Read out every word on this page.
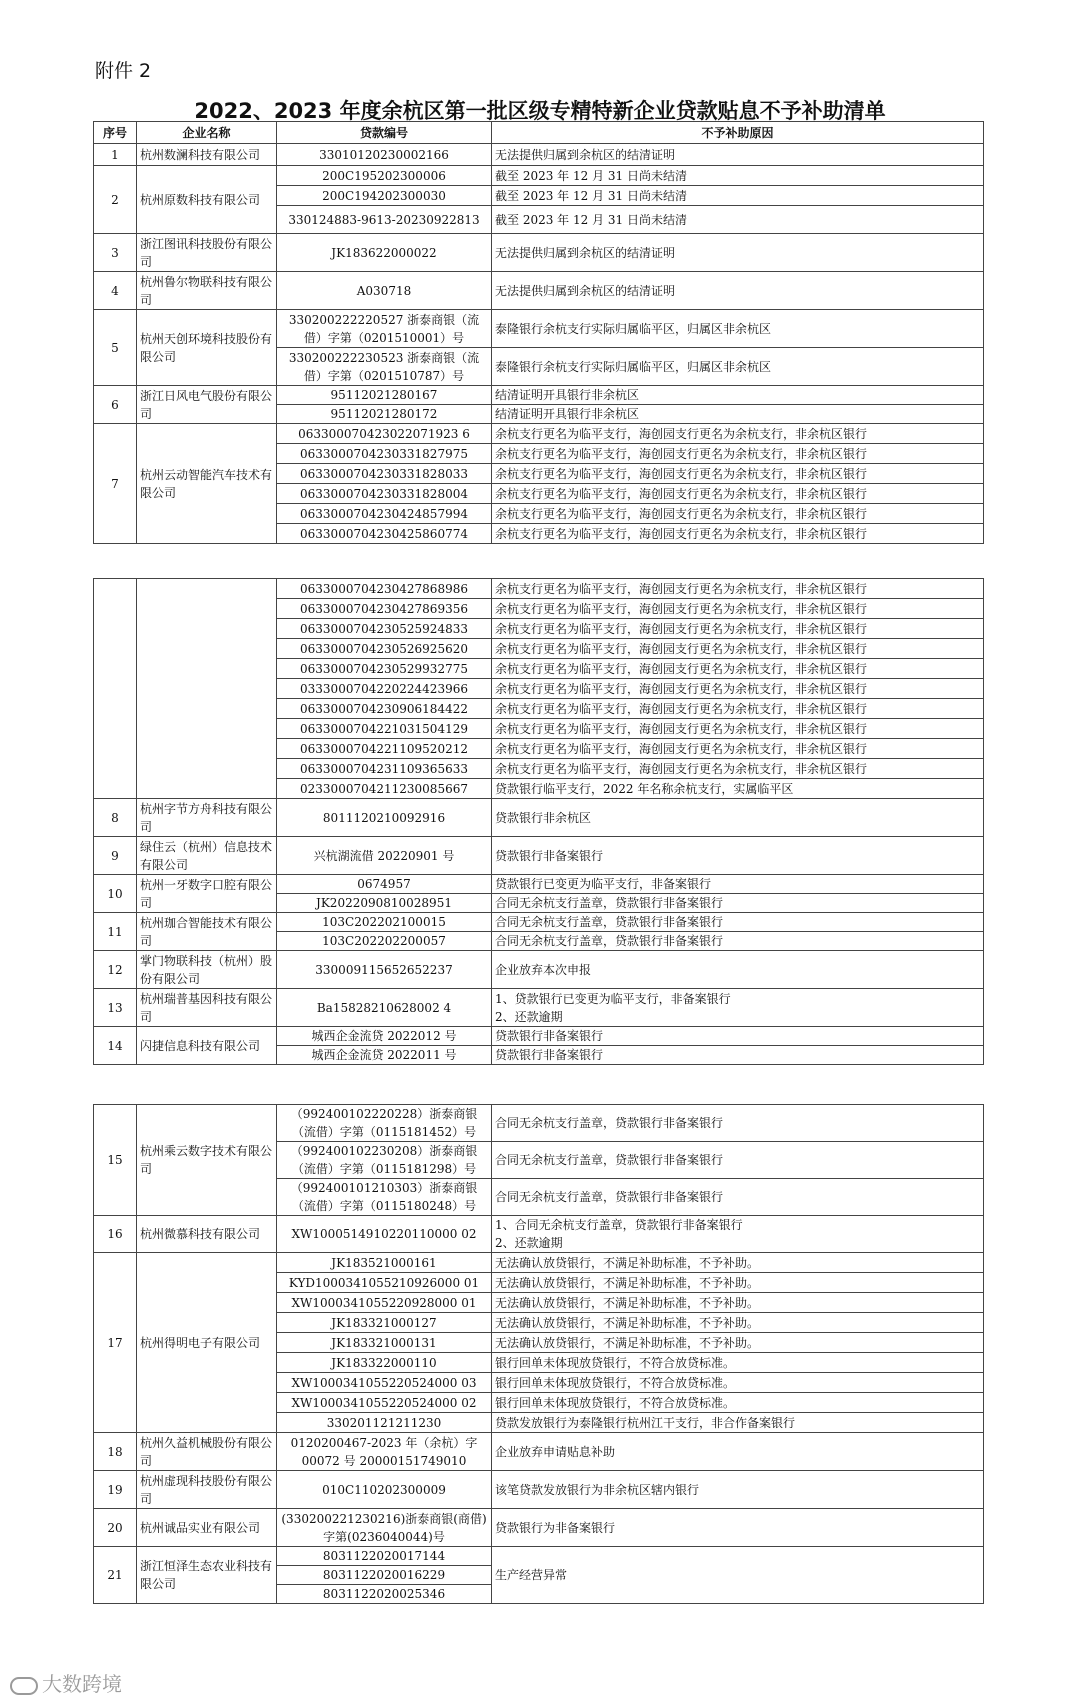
附件 2
2022、2023 年度余杭区第一批区级专精特新企业贷款贴息不予补助清单
序号	企业名称	贷款编号	不予补助原因
1	杭州数澜科技有限公司	330101202300021​66	无法提供归属到余杭区的结清证明
2	杭州原数科技有限公司	200C195202300006	截至 2023 年 12 月 31 日尚未结清
		200C194202300030	截至 2023 年 12 月 31 日尚未结清
		330124883-9613-20230922813	截至 2023 年 12 月 31 日尚未结清
3	浙江图讯科技股份有限公司	JK183622000022	无法提供归属到余杭区的结清证明
4	杭州鲁尔物联科技有限公司	A030718	无法提供归属到余杭区的结清证明
5	杭州天创环境科技股份有限公司	330200222220527 浙泰商银（流借）字第（0201510001）号	泰隆银行余杭支行实际归属临平区，归属区非余杭区
		330200222230523 浙泰商银（流借）字第（0201510787）号	泰隆银行余杭支行实际归属临平区，归属区非余杭区
6	浙江日风电气股份有限公司	95112021280167	结清证明开具银行非余杭区
		95112021280172	结清证明开具银行非余杭区
7	杭州云动智能汽车技术有限公司	063300070423022071923 6	余杭支行更名为临平支行，海创园支行更名为余杭支行，非余杭区银行
		0633000704230331827975	余杭支行更名为临平支行，海创园支行更名为余杭支行，非余杭区银行
		0633000704230331828033	余杭支行更名为临平支行，海创园支行更名为余杭支行，非余杭区银行
		0633000704230331828004	余杭支行更名为临平支行，海创园支行更名为余杭支行，非余杭区银行
		0633000704230424857994	余杭支行更名为临平支行，海创园支行更名为余杭支行，非余杭区银行
		0633000704230425860774	余杭支行更名为临平支行，海创园支行更名为余杭支行，非余杭区银行
		0633000704230427868986	余杭支行更名为临平支行，海创园支行更名为余杭支行，非余杭区银行
		0633000704230427869356	余杭支行更名为临平支行，海创园支行更名为余杭支行，非余杭区银行
		0633000704230525924833	余杭支行更名为临平支行，海创园支行更名为余杭支行，非余杭区银行
		0633000704230526925620	余杭支行更名为临平支行，海创园支行更名为余杭支行，非余杭区银行
		0633000704230529932775	余杭支行更名为临平支行，海创园支行更名为余杭支行，非余杭区银行
		0333000704220224423966	余杭支行更名为临平支行，海创园支行更名为余杭支行，非余杭区银行
		0633000704230906184422	余杭支行更名为临平支行，海创园支行更名为余杭支行，非余杭区银行
		0633000704221031504129	余杭支行更名为临平支行，海创园支行更名为余杭支行，非余杭区银行
		0633000704221109520212	余杭支行更名为临平支行，海创园支行更名为余杭支行，非余杭区银行
		0633000704231109365633	余杭支行更名为临平支行，海创园支行更名为余杭支行，非余杭区银行
		0233000704211230085667	贷款银行临平支行，2022 年名称余杭支行，实属临平区
8	杭州字节方舟科技有限公司	8011120210092916	贷款银行非余杭区
9	绿住云（杭州）信息技术有限公司	兴杭湖流借 20220901 号	贷款银行非备案银行
10	杭州一牙数字口腔有限公司	0674957	贷款银行已变更为临平支行，非备案银行
		JK2022090810028951	合同无余杭支行盖章，贷款银行非备案银行
11	杭州珈合智能技术有限公司	103C202202100015	合同无余杭支行盖章，贷款银行非备案银行
		103C202202200057	合同无余杭支行盖章，贷款银行非备案银行
12	掌门物联科技（杭州）股份有限公司	330009115652652237	企业放弃本次申报
13	杭州瑞普基因科技有限公司	Ba15828210628002 4	1、贷款银行已变更为临平支行，非备案银行
2、还款逾期
14	闪捷信息科技有限公司	城西企金流贷 2022012 号	贷款银行非备案银行
		城西企金流贷 2022011 号	贷款银行非备案银行
15	杭州乘云数字技术有限公司	（992400102220228）浙泰商银（流借）字第（0115181452）号	合同无余杭支行盖章，贷款银行非备案银行
		（992400102230208）浙泰商银（流借）字第（0115181298）号	合同无余杭支行盖章，贷款银行非备案银行
		（992400101210303）浙泰商银（流借）字第（0115180248）号	合同无余杭支行盖章，贷款银行非备案银行
16	杭州微慕科技有限公司	XW1000514910220110000 02	1、合同无余杭支行盖章，贷款银行非备案银行
2、还款逾期
17	杭州得明电子有限公司	JK183521000161	无法确认放贷银行，不满足补助标准，不予补助。
		KYD1000341055210926000 01	无法确认放贷银行，不满足补助标准，不予补助。
		XW1000341055220928000 01	无法确认放贷银行，不满足补助标准，不予补助。
		JK183321000127	无法确认放贷银行，不满足补助标准，不予补助。
		JK183321000131	无法确认放贷银行，不满足补助标准，不予补助。
		JK183322000110	银行回单未体现放贷银行，不符合放贷标准。
		XW1000341055220524000 03	银行回单未体现放贷银行，不符合放贷标准。
		XW1000341055220524000 02	银行回单未体现放贷银行，不符合放贷标准。
		330201121211230	贷款发放银行为泰隆银行杭州江干支行，非合作备案银行
18	杭州久益机械股份有限公司	0120200467-2023 年（余杭）字 00072 号 20000151749010	企业放弃申请贴息补助
19	杭州虚现科技股份有限公司	010C110202300009	该笔贷款发放银行为非余杭区辖内银行
20	杭州诚品实业有限公司	(330200221230216)浙泰商银(商借)字第(0236040044)号	贷款银行为非备案银行
21	浙江恒泽生态农业科技有限公司	8031122020017144	生产经营异常
		8031122020016229	
		8031122020025346	
大数跨境
